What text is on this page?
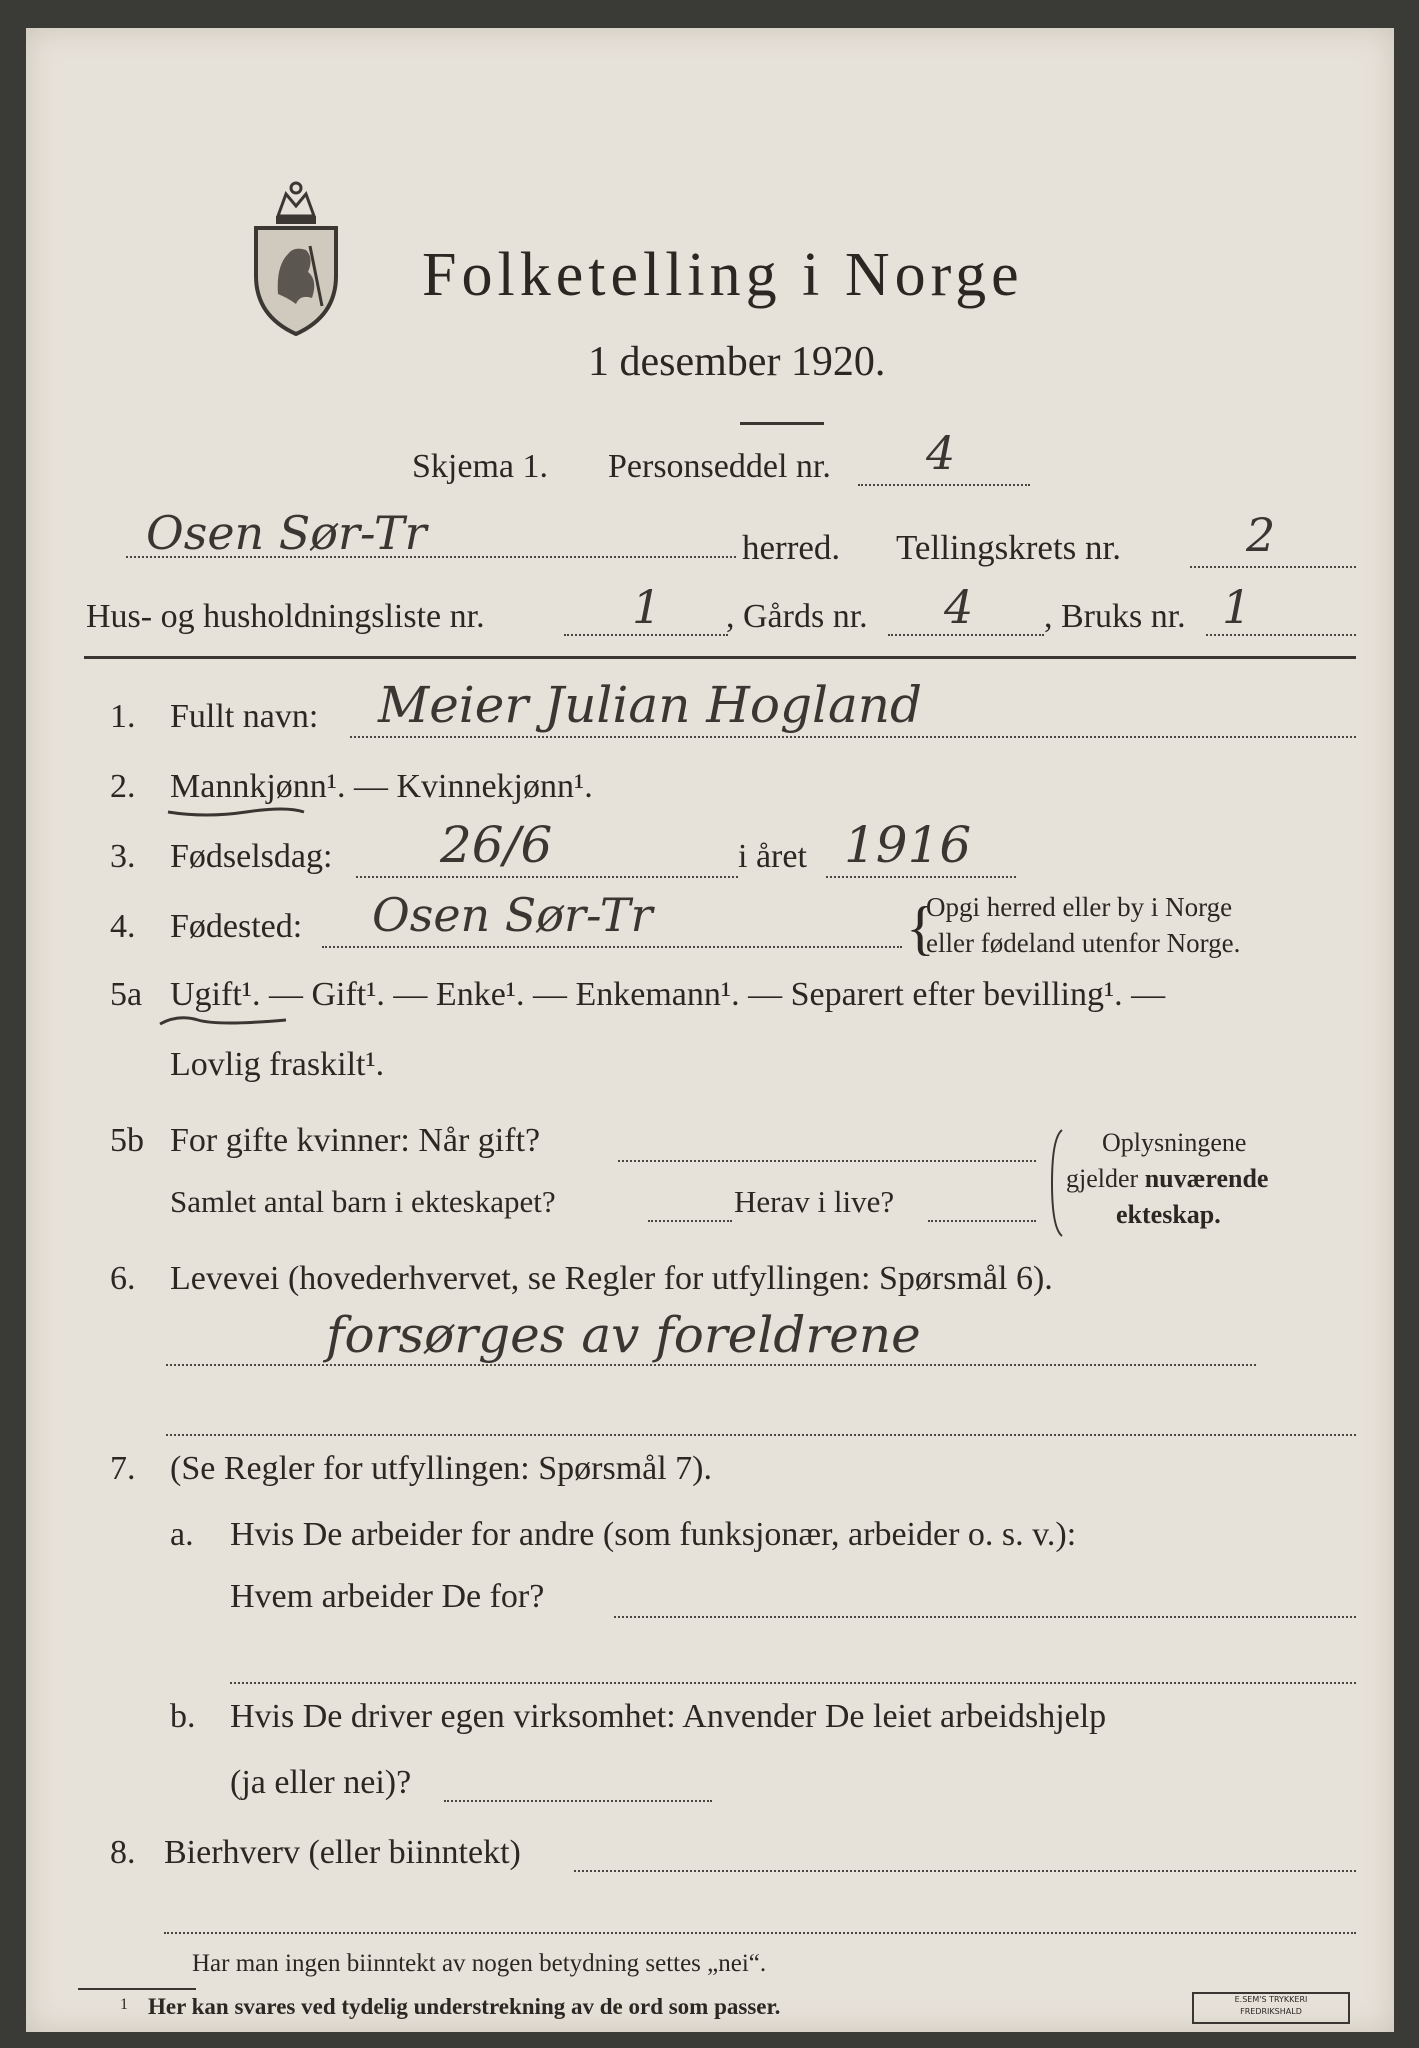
Folketelling i Norge
1 desember 1920.
Skjema 1. Personseddel nr. 4
Osen Sør-Tr	herred. Tellingskrets nr.	2
Hus- og husholdningsliste nr.	1 , Gårds nr. 4 , Bruks nr. 1
1. Fullt navn: Meier Julian Hogland
2. Mannkjønn¹. — Kvinnekjønn¹.
3. Fødselsdag: 26/6	i året 1916
4. Fødested: Osen Sør-Tr	{
Opgi herred eller by i Norge
eller fødeland utenfor Norge.
5a Ugift¹. — Gift¹. — Enke¹. — Enkemann¹. — Separert efter bevilling¹. —
Lovlig fraskilt¹.
5b For gifte kvinner: Når gift?
Samlet antal barn i ekteskapet?	Herav i live?
Oplysningene
gjelder nuværende
ekteskap.
6. Levevei (hovederhvervet, se Regler for utfyllingen: Spørsmål 6).
forsørges av foreldrene
7. (Se Regler for utfyllingen: Spørsmål 7).
a. Hvis De arbeider for andre (som funksjonær, arbeider o. s. v.):
Hvem arbeider De for?
b. Hvis De driver egen virksomhet: Anvender De leiet arbeidshjelp
(ja eller nei)?
8. Bierhverv (eller biinntekt)
Har man ingen biinntekt av nogen betydning settes „nei“.
1 Her kan svares ved tydelig understrekning av de ord som passer.	E.SEM'S TRYKKERI
FREDRIKSHALD
